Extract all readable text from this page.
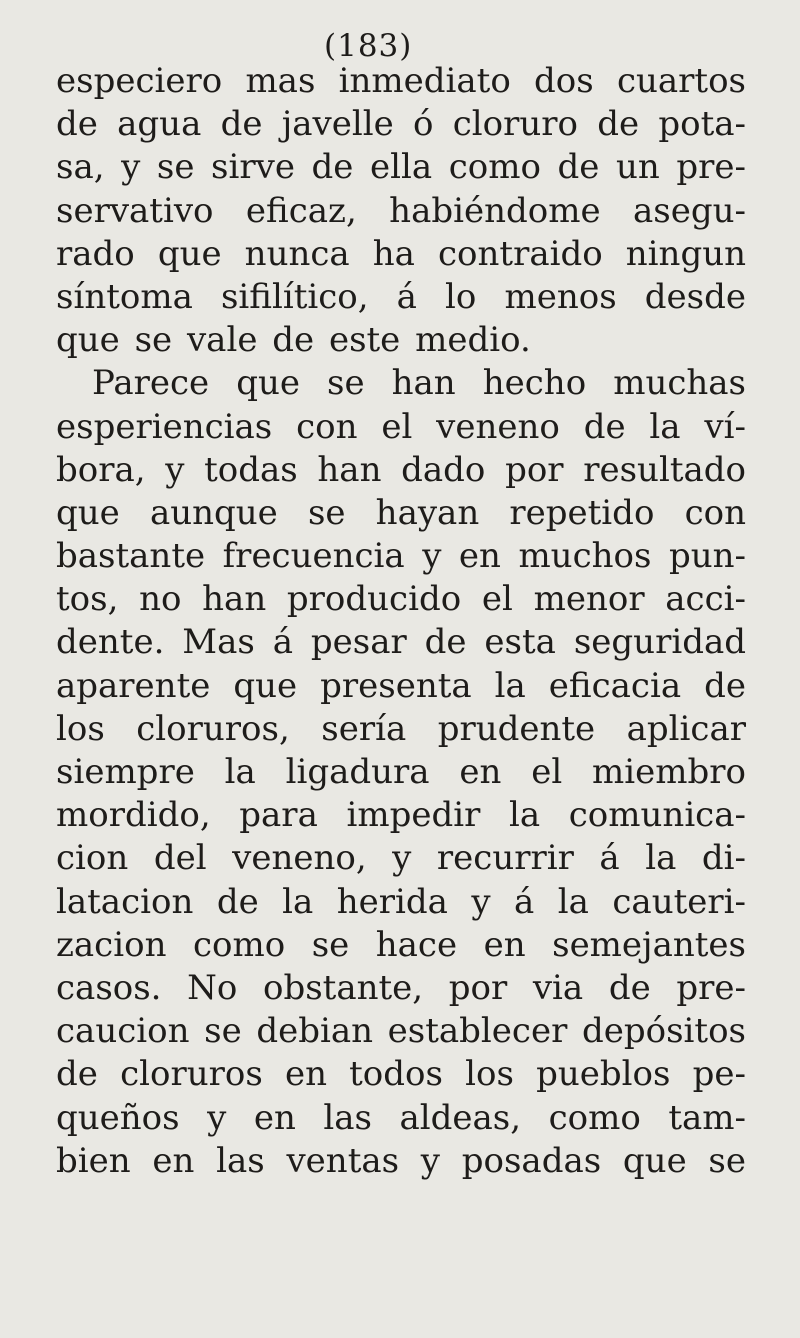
(183)
especiero mas inmediato dos cuartos
de agua de javelle ó cloruro de pota-
sa, y se sirve de ella como de un pre-
servativo eficaz, habiéndome asegu-
rado que nunca ha contraido ningun
síntoma sifilítico, á lo menos desde
que se vale de este medio.
Parece que se han hecho muchas
esperiencias con el veneno de la ví-
bora, y todas han dado por resultado
que aunque se hayan repetido con
bastante frecuencia y en muchos pun-
tos, no han producido el menor acci-
dente. Mas á pesar de esta seguridad
aparente que presenta la eficacia de
los cloruros, sería prudente aplicar
siempre la ligadura en el miembro
mordido, para impedir la comunica-
cion del veneno, y recurrir á la di-
latacion de la herida y á la cauteri-
zacion como se hace en semejantes
casos. No obstante, por via de pre-
caucion se debian establecer depósitos
de cloruros en todos los pueblos pe-
queños y en las aldeas, como tam-
bien en las ventas y posadas que se
